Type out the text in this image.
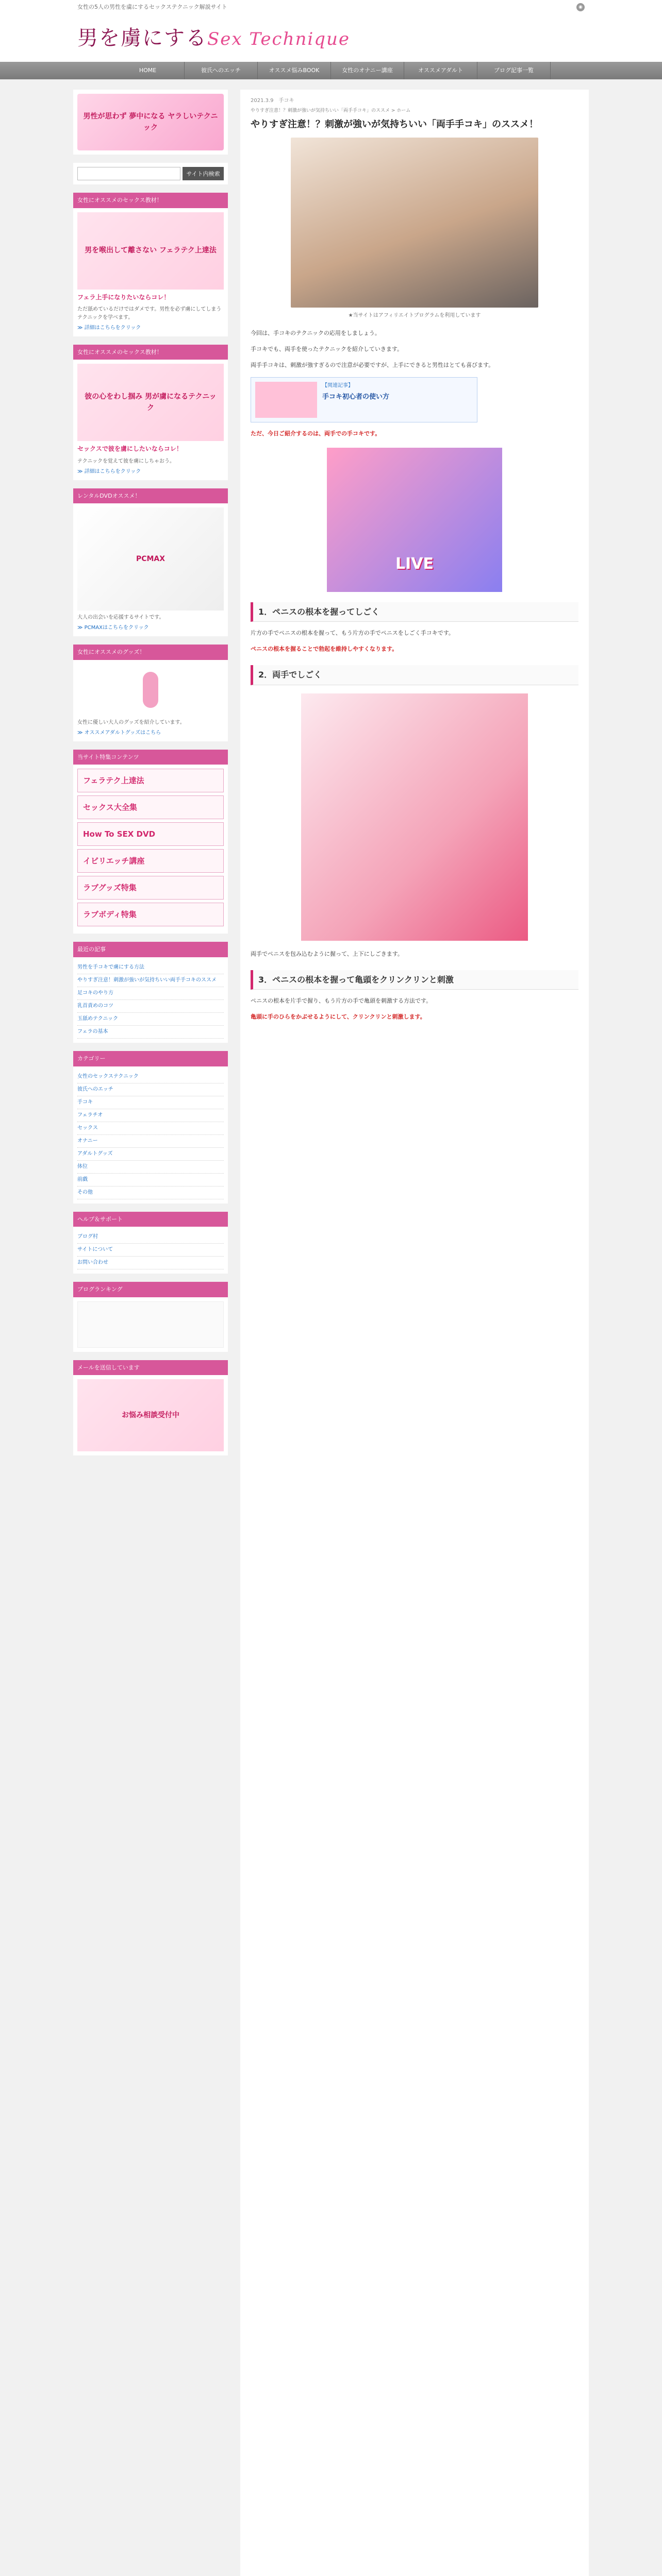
女性の5人の男性を虜にするセックステクニック解説サイト	◉
男を虜にするSex Technique
HOME	彼氏へのエッチ	オススメ悩みBOOK	女性のオナニー講座	オススメアダルト	ブログ記事一覧
男性が思わず 夢中になる ヤラしいテクニック
サイト内検索
女性にオススメのセックス教材！
男を喉出して離さない フェラテク上達法
フェラ上手になりたいならコレ！
ただ舐めているだけではダメです。男性を必ず虜にしてしまうテクニックを学べます。
≫ 詳細はこちらをクリック
女性にオススメのセックス教材！
彼の心をわし掴み 男が虜になるテクニック
セックスで彼を虜にしたいならコレ！
テクニックを覚えて彼を虜にしちゃおう。
≫ 詳細はこちらをクリック
レンタルDVDオススメ！
PCMAX
大人の出会いを応援するサイトです。
≫ PCMAXはこちらをクリック
女性にオススメのグッズ！
女性に優しい大人のグッズを紹介しています。
≫ オススメアダルトグッズはこちら
当サイト特集コンテンツ
フェラテク上達法
セックス大全集
How To SEX DVD
イビリエッチ講座
ラブグッズ特集
ラブボディ特集
最近の記事
男性を手コキで虜にする方法
やりすぎ注意！刺激が強いが気持ちいい両手手コキのススメ
足コキのやり方
乳首責めのコツ
玉舐めテクニック
フェラの基本
カテゴリー
女性のセックステクニック
彼氏へのエッチ
手コキ
フェラチオ
セックス
オナニー
アダルトグッズ
体位
前戯
その他
ヘルプ＆サポート
ブログ村
サイトについて
お問い合わせ
ブログランキング
メールを送信しています
お悩み相談受付中
2021.3.9　 手コキ
やりすぎ注意！？刺激が強いが気持ちいい「両手手コキ」のススメ > ホーム
やりすぎ注意！？刺激が強いが気持ちいい「両手手コキ」のススメ！
★当サイトはアフィリエイトプログラムを利用しています

今回は、手コキのテクニックの応用をしましょう。

手コキでも、両手を使ったテクニックを紹介していきます。

両手手コキは、刺激が強すぎるので注意が必要ですが、上手にできると男性はとても喜びます。

【関連記事】
手コキ初心者の使い方

ただ、今日ご紹介するのは、両手での手コキです。

LIVE
1．ペニスの根本を握ってしごく

片方の手でペニスの根本を握って、もう片方の手でペニスをしごく手コキです。

ペニスの根本を握ることで勃起を維持しやすくなります。

2．両手でしごく

両手でペニスを包み込むように握って、上下にしごきます。

3．ペニスの根本を握って亀頭をクリンクリンと刺激

ペニスの根本を片手で握り、もう片方の手で亀頭を刺激する方法です。

亀頭に手のひらをかぶせるようにして、クリンクリンと刺激します。
